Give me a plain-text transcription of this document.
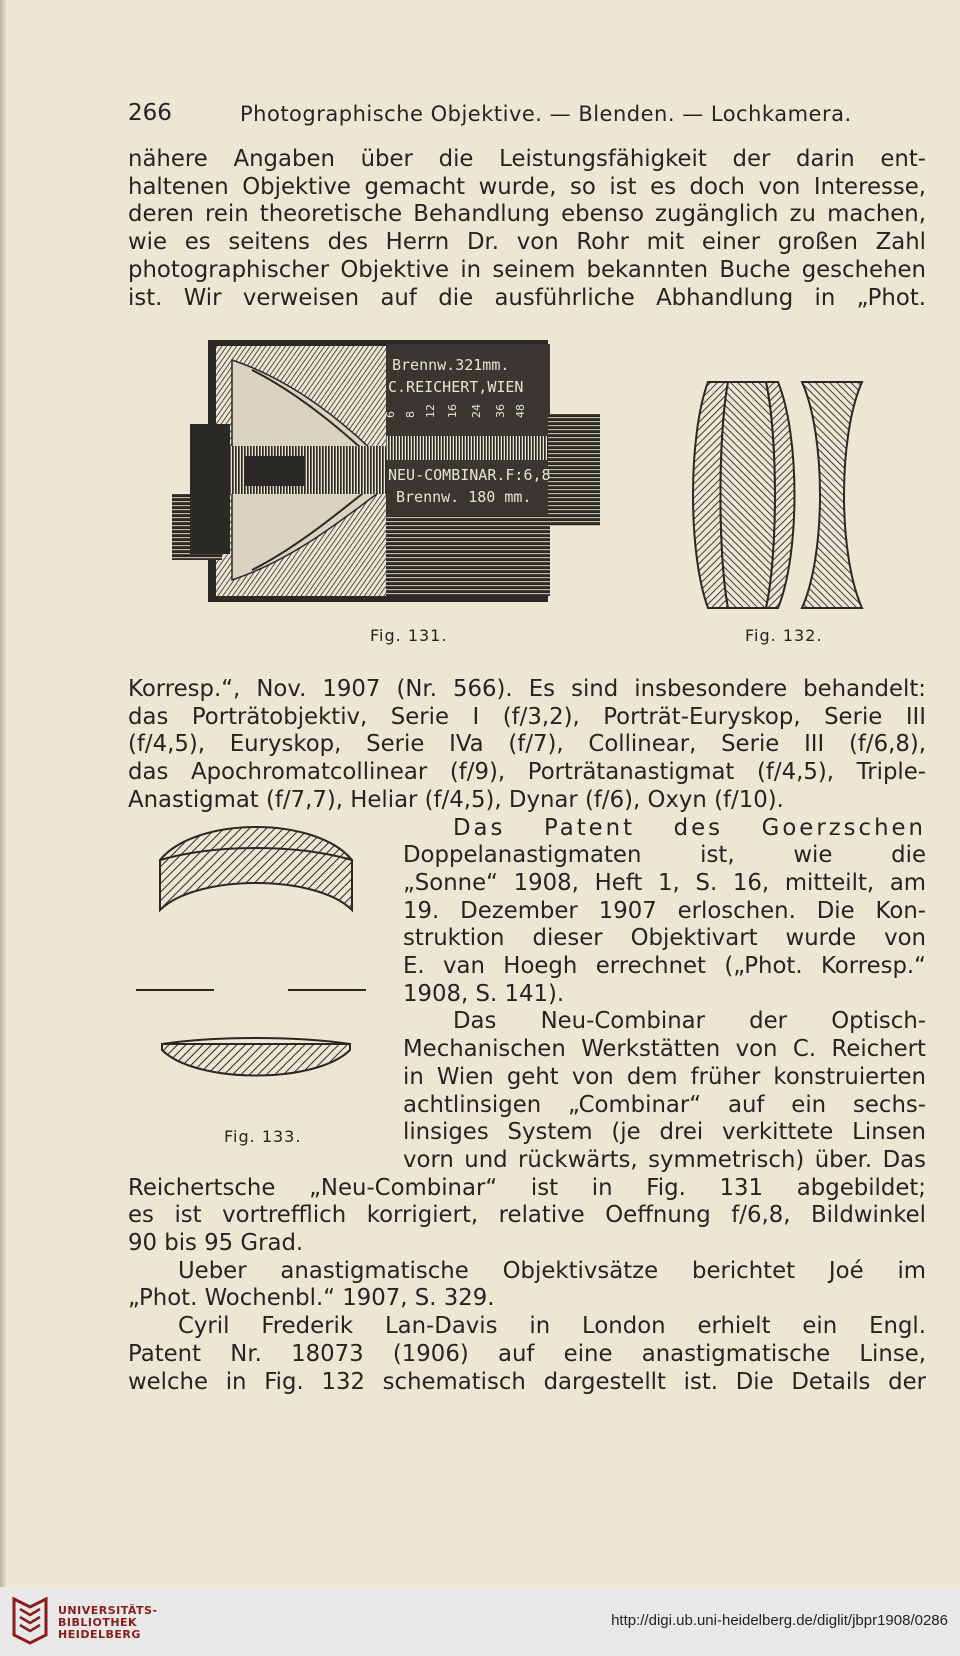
266	Photographische Objektive. — Blenden. — Lochkamera.

nähere Angaben über die Leistungsfähigkeit der darin ent-

haltenen Objektive gemacht wurde, so ist es doch von Interesse,

deren rein theoretische Behandlung ebenso zugänglich zu machen,

wie es seitens des Herrn Dr. von Rohr mit einer großen Zahl

photographischer Objektive in seinem bekannten Buche geschehen

ist. Wir verweisen auf die ausführliche Abhandlung in „Phot.

Brennw.321mm.
C.REICHERT,WIEN
6 8 12 16 24 36 48
NEU-COMBINAR.F:6,8
Brennw. 180 mm.
Fig. 131.	Fig. 132.

Korresp.“, Nov. 1907 (Nr. 566). Es sind insbesondere behandelt:

das Porträtobjektiv, Serie I (f/3,2), Porträt-Euryskop, Serie III

(f/4,5), Euryskop, Serie IVa (f/7), Collinear, Serie III (f/6,8),

das Apochromatcollinear (f/9), Porträtanastigmat (f/4,5), Triple-

Anastigmat (f/7,7), Heliar (f/4,5), Dynar (f/6), Oxyn (f/10).

Fig. 133.

Das Patent des Goerzschen

Doppelanastigmaten ist, wie die

„Sonne“ 1908, Heft 1, S. 16, mitteilt, am

19. Dezember 1907 erloschen. Die Kon-

struktion dieser Objektivart wurde von

E. van Hoegh errechnet („Phot. Korresp.“

1908, S. 141).

Das Neu-Combinar der Optisch-

Mechanischen Werkstätten von C. Reichert

in Wien geht von dem früher konstruierten

achtlinsigen „Combinar“ auf ein sechs-

linsiges System (je drei verkittete Linsen

vorn und rückwärts, symmetrisch) über. Das

Reichertsche „Neu-Combinar“ ist in Fig. 131 abgebildet;

es ist vortrefflich korrigiert, relative Oeffnung f/6,8, Bildwinkel

90 bis 95 Grad.

Ueber anastigmatische Objektivsätze berichtet Joé im

„Phot. Wochenbl.“ 1907, S. 329.

Cyril Frederik Lan-Davis in London erhielt ein Engl.

Patent Nr. 18073 (1906) auf eine anastigmatische Linse,

welche in Fig. 132 schematisch dargestellt ist. Die Details der

UNIVERSITÄTS-
BIBLIOTHEK
HEIDELBERG
http://digi.ub.uni-heidelberg.de/diglit/jbpr1908/0286
